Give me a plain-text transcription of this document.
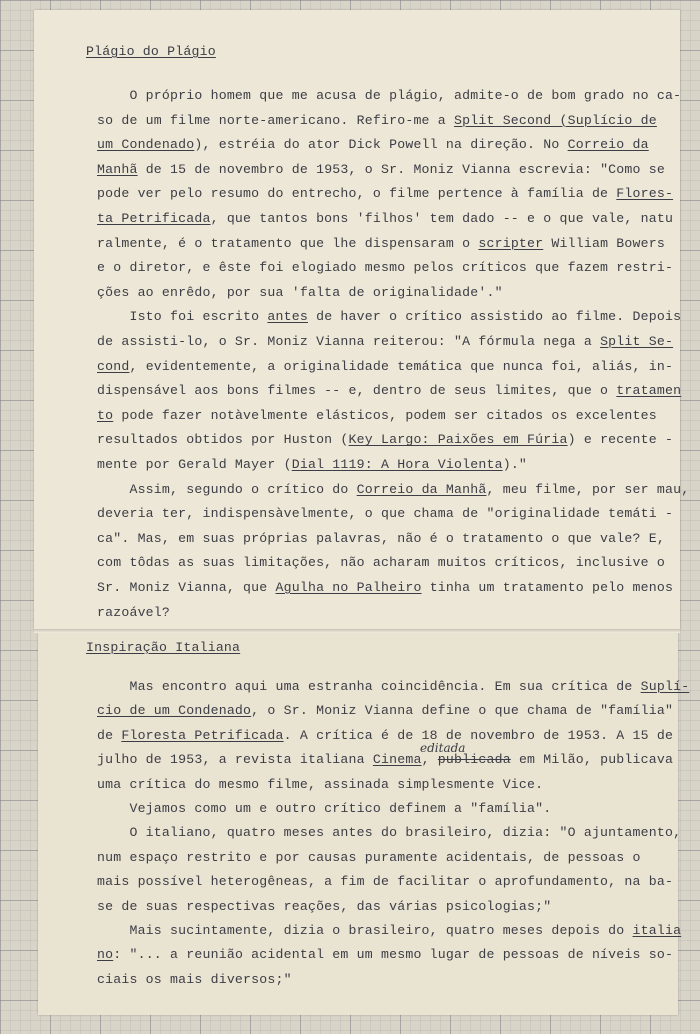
Plágio do Plágio
O próprio homem que me acusa de plágio, admite-o de bom grado no ca-
so de um filme norte-americano. Refiro-me a Split Second (Suplício de
um Condenado), estréia do ator Dick Powell na direção. No Correio da
Manhã de 15 de novembro de 1953, o Sr. Moniz Vianna escrevia: "Como se
pode ver pelo resumo do entrecho, o filme pertence à família de Flores-
ta Petrificada, que tantos bons 'filhos' tem dado -- e o que vale, natu
ralmente, é o tratamento que lhe dispensaram o scripter William Bowers
e o diretor, e êste foi elogiado mesmo pelos críticos que fazem restri-
ções ao enrêdo, por sua 'falta de originalidade'."
Isto foi escrito antes de haver o crítico assistido ao filme. Depois
de assisti-lo, o Sr. Moniz Vianna reiterou: "A fórmula nega a Split Se-
cond, evidentemente, a originalidade temática que nunca foi, aliás, in-
dispensável aos bons filmes -- e, dentro de seus limites, que o tratamen
to pode fazer notàvelmente elásticos, podem ser citados os excelentes
resultados obtidos por Huston (Key Largo: Paixões em Fúria) e recente -
mente por Gerald Mayer (Dial 1119: A Hora Violenta)."
Assim, segundo o crítico do Correio da Manhã, meu filme, por ser mau,
deveria ter, indispensàvelmente, o que chama de "originalidade temáti -
ca". Mas, em suas próprias palavras, não é o tratamento o que vale? E,
com tôdas as suas limitações, não acharam muitos críticos, inclusive o
Sr. Moniz Vianna, que Agulha no Palheiro tinha um tratamento pelo menos
razoável?
Inspiração Italiana
Mas encontro aqui uma estranha coincidência. Em sua crítica de Suplí-
cio de um Condenado, o Sr. Moniz Vianna define o que chama de "família"
de Floresta Petrificada. A crítica é de 18 de novembro de 1953. A 15 de
julho de 1953, a revista italiana Cinema, publicada em Milão, publicava
uma crítica do mesmo filme, assinada simplesmente Vice.
Vejamos como um e outro crítico definem a "família".
O italiano, quatro meses antes do brasileiro, dizia: "O ajuntamento,
num espaço restrito e por causas puramente acidentais, de pessoas o
mais possível heterogêneas, a fim de facilitar o aprofundamento, na ba-
se de suas respectivas reações, das várias psicologias;"
Mais sucintamente, dizia o brasileiro, quatro meses depois do italia
no: "... a reunião acidental em um mesmo lugar de pessoas de níveis so-
ciais os mais diversos;"
editada
